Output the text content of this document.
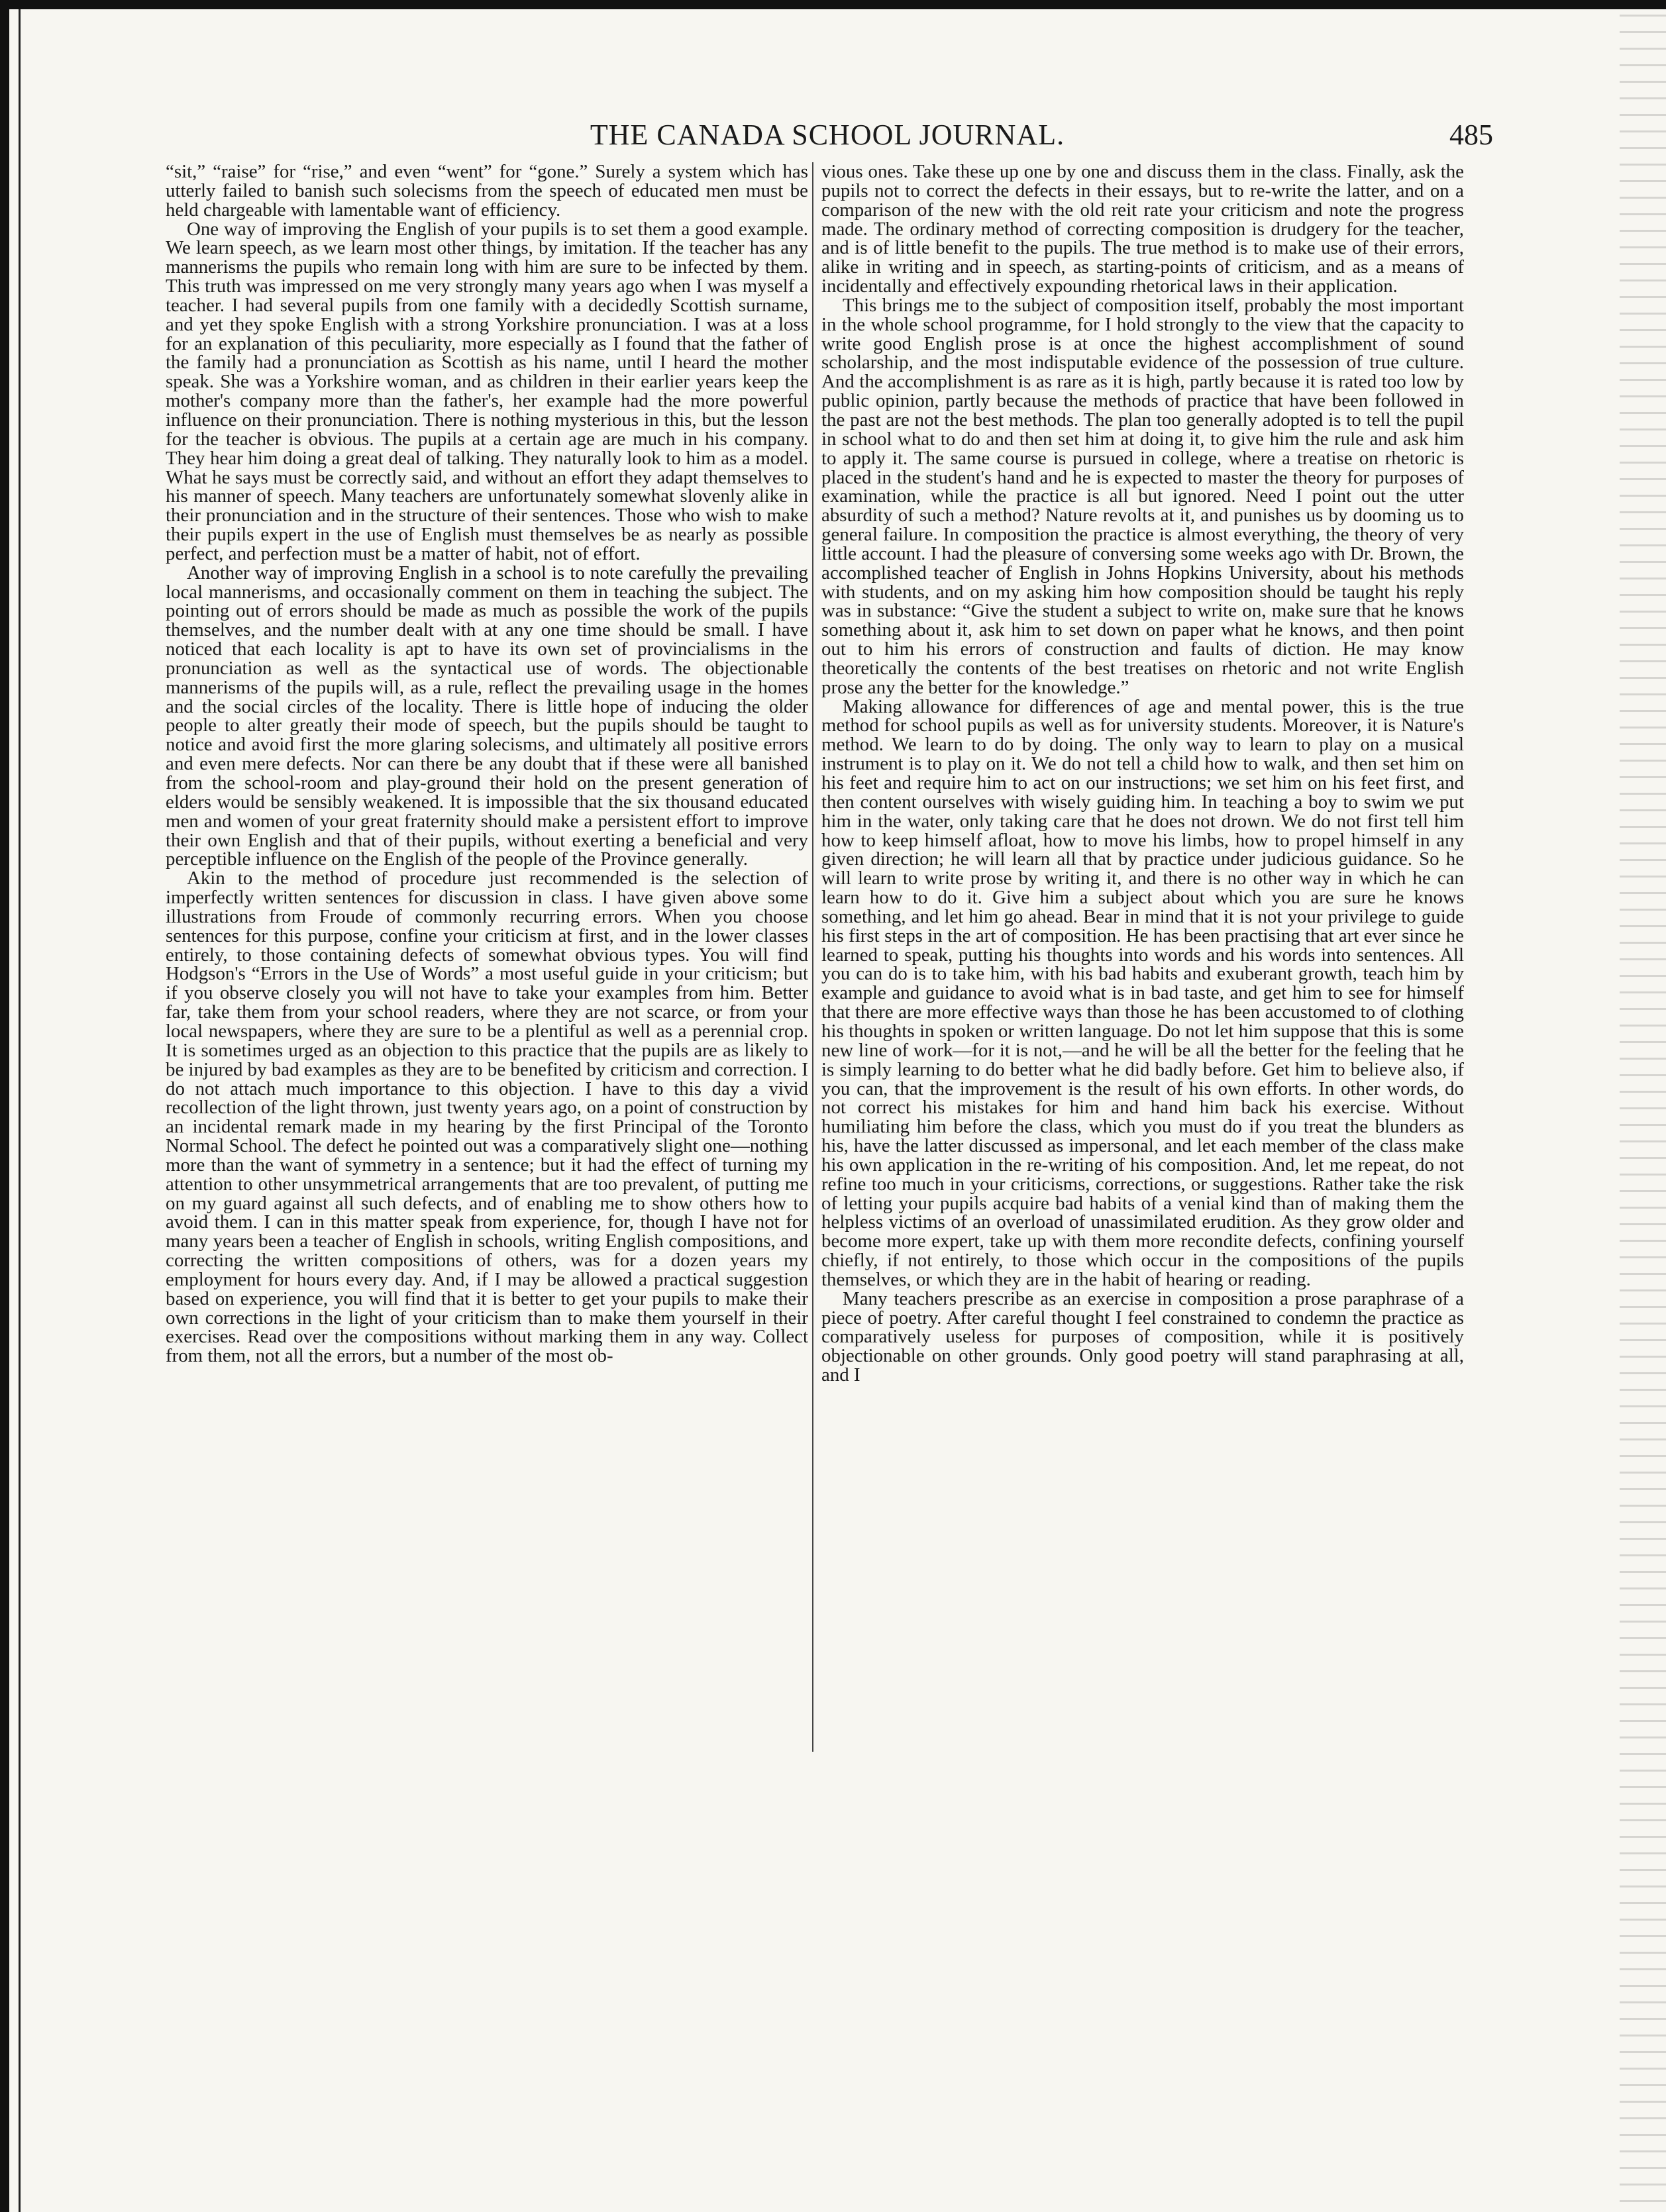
THE CANADA SCHOOL JOURNAL.	485

“sit,” “raise” for “rise,” and even “went” for “gone.” Surely a system which has utterly failed to banish such solecisms from the speech of educated men must be held chargeable with lamentable want of efficiency.

One way of improving the English of your pupils is to set them a good example. We learn speech, as we learn most other things, by imitation. If the teacher has any mannerisms the pupils who remain long with him are sure to be infected by them. This truth was impressed on me very strongly many years ago when I was myself a teacher. I had several pupils from one family with a decidedly Scottish surname, and yet they spoke English with a strong Yorkshire pronunciation. I was at a loss for an explanation of this peculiarity, more especially as I found that the father of the family had a pronunciation as Scottish as his name, until I heard the mother speak. She was a Yorkshire woman, and as children in their earlier years keep the mother's company more than the father's, her example had the more powerful influence on their pronunciation. There is nothing mysterious in this, but the lesson for the teacher is obvious. The pupils at a certain age are much in his company. They hear him doing a great deal of talking. They naturally look to him as a model. What he says must be correctly said, and without an effort they adapt themselves to his manner of speech. Many teachers are unfortunately somewhat slovenly alike in their pronunciation and in the structure of their sentences. Those who wish to make their pupils expert in the use of English must themselves be as nearly as possible perfect, and perfection must be a matter of habit, not of effort.

Another way of improving English in a school is to note carefully the prevailing local mannerisms, and occasionally comment on them in teaching the subject. The pointing out of errors should be made as much as possible the work of the pupils themselves, and the number dealt with at any one time should be small. I have noticed that each locality is apt to have its own set of provincialisms in the pronunciation as well as the syntactical use of words. The objectionable mannerisms of the pupils will, as a rule, reflect the prevailing usage in the homes and the social circles of the locality. There is little hope of inducing the older people to alter greatly their mode of speech, but the pupils should be taught to notice and avoid first the more glaring solecisms, and ultimately all positive errors and even mere defects. Nor can there be any doubt that if these were all banished from the school-room and play-ground their hold on the present generation of elders would be sensibly weakened. It is impossible that the six thousand educated men and women of your great fraternity should make a persistent effort to improve their own English and that of their pupils, without exerting a beneficial and very perceptible influence on the English of the people of the Province generally.

Akin to the method of procedure just recommended is the selection of imperfectly written sentences for discussion in class. I have given above some illustrations from Froude of commonly recurring errors. When you choose sentences for this purpose, confine your criticism at first, and in the lower classes entirely, to those containing defects of somewhat obvious types. You will find Hodgson's “Errors in the Use of Words” a most useful guide in your criticism; but if you observe closely you will not have to take your examples from him. Better far, take them from your school readers, where they are not scarce, or from your local newspapers, where they are sure to be a plentiful as well as a perennial crop. It is sometimes urged as an objection to this practice that the pupils are as likely to be injured by bad examples as they are to be benefited by criticism and correction. I do not attach much importance to this objection. I have to this day a vivid recollection of the light thrown, just twenty years ago, on a point of construction by an incidental remark made in my hearing by the first Principal of the Toronto Normal School. The defect he pointed out was a comparatively slight one—nothing more than the want of symmetry in a sentence; but it had the effect of turning my attention to other unsymmetrical arrangements that are too prevalent, of putting me on my guard against all such defects, and of enabling me to show others how to avoid them. I can in this matter speak from experience, for, though I have not for many years been a teacher of English in schools, writing English compositions, and correcting the written compositions of others, was for a dozen years my employment for hours every day. And, if I may be allowed a practical suggestion based on experience, you will find that it is better to get your pupils to make their own corrections in the light of your criticism than to make them yourself in their exercises. Read over the compositions without marking them in any way. Collect from them, not all the errors, but a number of the most ob-

vious ones. Take these up one by one and discuss them in the class. Finally, ask the pupils not to correct the defects in their essays, but to re-write the latter, and on a comparison of the new with the old reit rate your criticism and note the progress made. The ordinary method of correcting composition is drudgery for the teacher, and is of little benefit to the pupils. The true method is to make use of their errors, alike in writing and in speech, as starting-points of criticism, and as a means of incidentally and effectively expounding rhetorical laws in their application.

This brings me to the subject of composition itself, probably the most important in the whole school programme, for I hold strongly to the view that the capacity to write good English prose is at once the highest accomplishment of sound scholarship, and the most indisputable evidence of the possession of true culture. And the accomplishment is as rare as it is high, partly because it is rated too low by public opinion, partly because the methods of practice that have been followed in the past are not the best methods. The plan too generally adopted is to tell the pupil in school what to do and then set him at doing it, to give him the rule and ask him to apply it. The same course is pursued in college, where a treatise on rhetoric is placed in the student's hand and he is expected to master the theory for purposes of examination, while the practice is all but ignored. Need I point out the utter absurdity of such a method? Nature revolts at it, and punishes us by dooming us to general failure. In composition the practice is almost everything, the theory of very little account. I had the pleasure of conversing some weeks ago with Dr. Brown, the accomplished teacher of English in Johns Hopkins University, about his methods with students, and on my asking him how composition should be taught his reply was in substance: “Give the student a subject to write on, make sure that he knows something about it, ask him to set down on paper what he knows, and then point out to him his errors of construction and faults of diction. He may know theoretically the contents of the best treatises on rhetoric and not write English prose any the better for the knowledge.”

Making allowance for differences of age and mental power, this is the true method for school pupils as well as for university students. Moreover, it is Nature's method. We learn to do by doing. The only way to learn to play on a musical instrument is to play on it. We do not tell a child how to walk, and then set him on his feet and require him to act on our instructions; we set him on his feet first, and then content ourselves with wisely guiding him. In teaching a boy to swim we put him in the water, only taking care that he does not drown. We do not first tell him how to keep himself afloat, how to move his limbs, how to propel himself in any given direction; he will learn all that by practice under judicious guidance. So he will learn to write prose by writing it, and there is no other way in which he can learn how to do it. Give him a subject about which you are sure he knows something, and let him go ahead. Bear in mind that it is not your privilege to guide his first steps in the art of composition. He has been practising that art ever since he learned to speak, putting his thoughts into words and his words into sentences. All you can do is to take him, with his bad habits and exuberant growth, teach him by example and guidance to avoid what is in bad taste, and get him to see for himself that there are more effective ways than those he has been accustomed to of clothing his thoughts in spoken or written language. Do not let him suppose that this is some new line of work—for it is not,—and he will be all the better for the feeling that he is simply learning to do better what he did badly before. Get him to believe also, if you can, that the improvement is the result of his own efforts. In other words, do not correct his mistakes for him and hand him back his exercise. Without humiliating him before the class, which you must do if you treat the blunders as his, have the latter discussed as impersonal, and let each member of the class make his own application in the re-writing of his composition. And, let me repeat, do not refine too much in your criticisms, corrections, or suggestions. Rather take the risk of letting your pupils acquire bad habits of a venial kind than of making them the helpless victims of an overload of unassimilated erudition. As they grow older and become more expert, take up with them more recondite defects, confining yourself chiefly, if not entirely, to those which occur in the compositions of the pupils themselves, or which they are in the habit of hearing or reading.

Many teachers prescribe as an exercise in composition a prose paraphrase of a piece of poetry. After careful thought I feel constrained to condemn the practice as comparatively useless for purposes of composition, while it is positively objectionable on other grounds. Only good poetry will stand paraphrasing at all, and I
